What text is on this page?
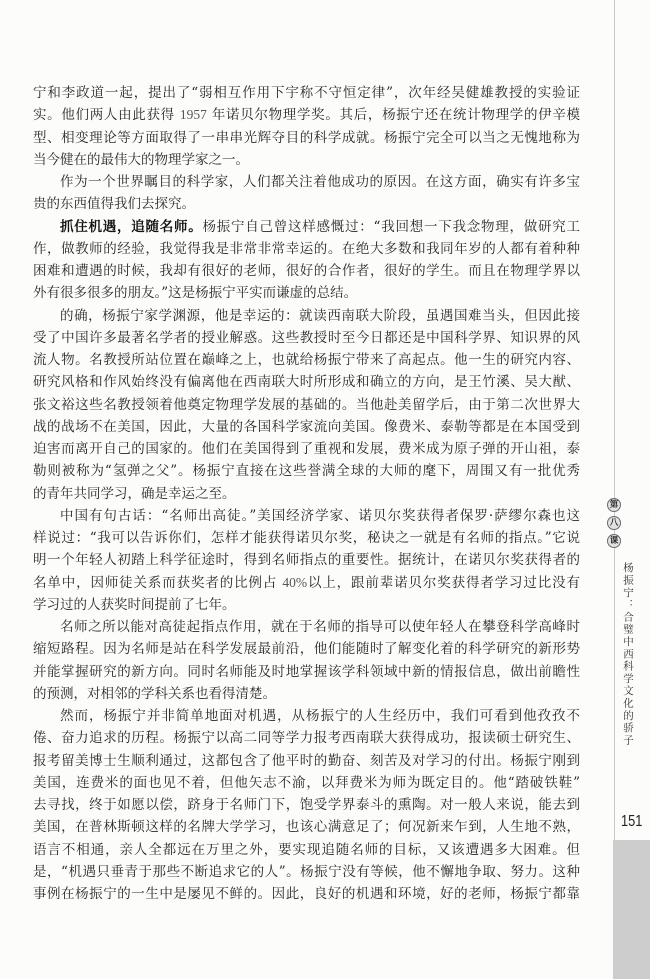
宁和李政道一起，提出了“弱相互作用下宇称不守恒定律”，次年经吴健雄教授的实验证
实。他们两人由此获得 1957 年诺贝尔物理学奖。其后，杨振宁还在统计物理学的伊辛模
型、相变理论等方面取得了一串串光辉夺目的科学成就。杨振宁完全可以当之无愧地称为
当今健在的最伟大的物理学家之一。
作为一个世界瞩目的科学家，人们都关注着他成功的原因。在这方面，确实有许多宝
贵的东西值得我们去探究。
抓住机遇，追随名师。杨振宁自己曾这样感慨过：“我回想一下我念物理，做研究工
作，做教师的经验，我觉得我是非常非常幸运的。在绝大多数和我同年岁的人都有着种种
困难和遭遇的时候，我却有很好的老师，很好的合作者，很好的学生。而且在物理学界以
外有很多很多的朋友。”这是杨振宁平实而谦虚的总结。
的确，杨振宁家学渊源，他是幸运的：就读西南联大阶段，虽遇国难当头，但因此接
受了中国许多最著名学者的授业解惑。这些教授时至今日都还是中国科学界、知识界的风
流人物。名教授所站位置在巅峰之上，也就给杨振宁带来了高起点。他一生的研究内容、
研究风格和作风始终没有偏离他在西南联大时所形成和确立的方向，是王竹溪、吴大猷、
张文裕这些名教授领着他奠定物理学发展的基础的。当他赴美留学后，由于第二次世界大
战的战场不在美国，因此，大量的各国科学家流向美国。像费米、泰勒等都是在本国受到
迫害而离开自己的国家的。他们在美国得到了重视和发展，费米成为原子弹的开山祖，泰
勒则被称为“氢弹之父”。杨振宁直接在这些誉满全球的大师的麾下，周围又有一批优秀
的青年共同学习，确是幸运之至。
中国有句古话：“名师出高徒。”美国经济学家、诺贝尔奖获得者保罗·萨缪尔森也这
样说过：“我可以告诉你们，怎样才能获得诺贝尔奖，秘诀之一就是有名师的指点。”它说
明一个年轻人初踏上科学征途时，得到名师指点的重要性。据统计，在诺贝尔奖获得者的
名单中，因师徒关系而获奖者的比例占 40%以上，跟前辈诺贝尔奖获得者学习过比没有
学习过的人获奖时间提前了七年。
名师之所以能对高徒起指点作用，就在于名师的指导可以使年轻人在攀登科学高峰时
缩短路程。因为名师是站在科学发展最前沿，他们能随时了解变化着的科学研究的新形势
并能掌握研究的新方向。同时名师能及时地掌握该学科领域中新的情报信息，做出前瞻性
的预测，对相邻的学科关系也看得清楚。
然而，杨振宁并非简单地面对机遇，从杨振宁的人生经历中，我们可看到他孜孜不
倦、奋力追求的历程。杨振宁以高二同等学力报考西南联大获得成功，报读硕士研究生、
报考留美博士生顺利通过，这都包含了他平时的勤奋、刻苦及对学习的付出。杨振宁刚到
美国，连费米的面也见不着，但他矢志不渝，以拜费米为师为既定目的。他“踏破铁鞋”
去寻找，终于如愿以偿，跻身于名师门下，饱受学界泰斗的熏陶。对一般人来说，能去到
美国，在普林斯顿这样的名牌大学学习，也该心满意足了；何况新来乍到，人生地不熟，
语言不相通，亲人全都远在万里之外，要实现追随名师的目标，又该遭遇多大困难。但
是，“机遇只垂青于那些不断追求它的人”。杨振宁没有等候，他不懈地争取、努力。这种
事例在杨振宁的一生中是屡见不鲜的。因此，良好的机遇和环境，好的老师，杨振宁都靠
第
八
课
杨振宁：合璧中西科学文化的骄子
151
